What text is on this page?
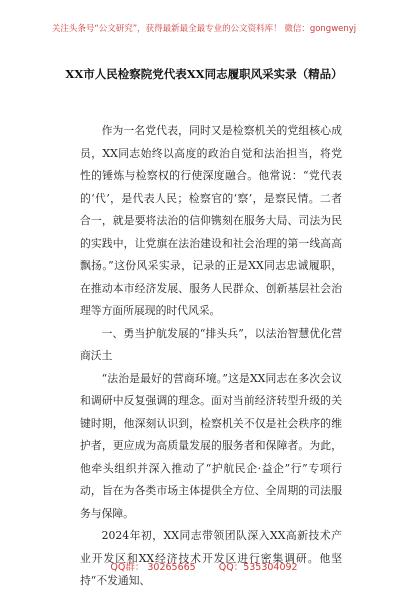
关注头条号“公文研究”，获得最新最全最专业的公文资料库！ 微信：gongwenyj
XX市人民检察院党代表XX同志履职风采实录（精品）

作为一名党代表，同时又是检察机关的党组核心成员，XX同志始终以高度的政治自觉和法治担当，将党性的锤炼与检察权的行使深度融合。他常说：“党代表的‘代’，是代表人民；检察官的‘察’，是察民情。二者合一，就是要将法治的信仰镌刻在服务大局、司法为民的实践中，让党旗在法治建设和社会治理的第一线高高飘扬。”这份风采实录，记录的正是XX同志忠诚履职，在推动本市经济发展、服务人民群众、创新基层社会治理等方面所展现的时代风采。

一、勇当护航发展的“排头兵”，以法治智慧优化营商沃土

“法治是最好的营商环境。”这是XX同志在多次会议和调研中反复强调的理念。面对当前经济转型升级的关键时期，他深刻认识到，检察机关不仅是社会秩序的维护者，更应成为高质量发展的服务者和保障者。为此，他牵头组织并深入推动了“护航民企·益企”行”专项行动，旨在为各类市场主体提供全方位、全周期的司法服务与保障。

2024年初，XX同志带领团队深入XX高新技术产业开发区和XX经济技术开发区进行密集调研。他坚持“不发通知、

QQ群： 30265665 QQ：535304092
